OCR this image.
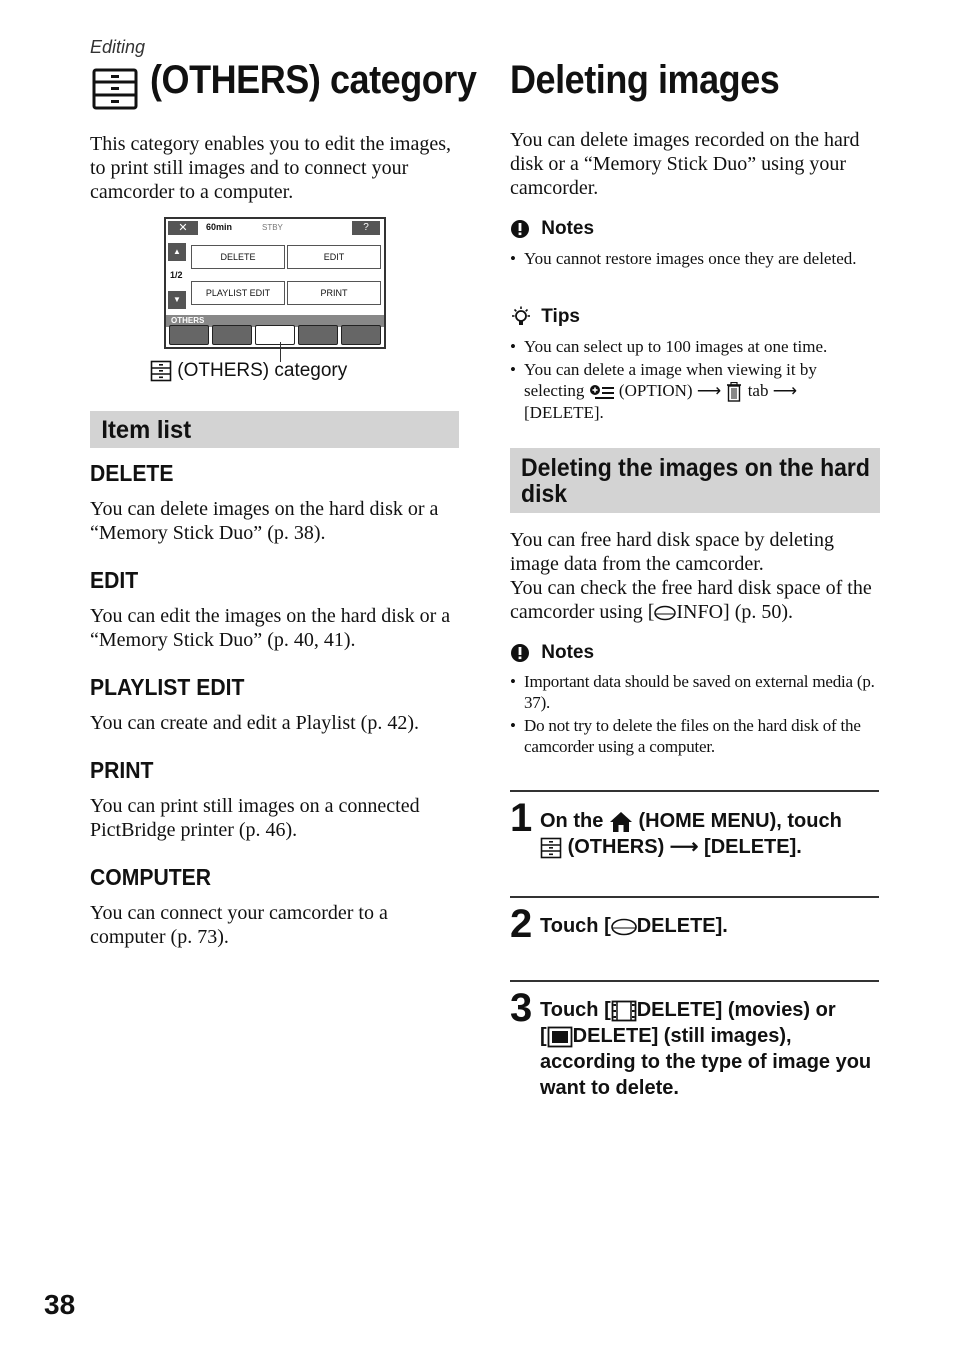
Editing
(OTHERS) category
This category enables you to edit the images, to print still images and to connect your camcorder to a computer.
✕	60min	STBY	?
▲
1/2
▼
DELETE	EDIT
PLAYLIST EDIT	PRINT
OTHERS
(OTHERS) category
Item list
DELETE
You can delete images on the hard disk or a “Memory Stick Duo” (p. 38).
EDIT
You can edit the images on the hard disk or a “Memory Stick Duo” (p. 40, 41).
PLAYLIST EDIT
You can create and edit a Playlist (p. 42).
PRINT
You can print still images on a connected PictBridge printer (p. 46).
COMPUTER
You can connect your camcorder to a computer (p. 73).
Deleting images
You can delete images recorded on the hard disk or a “Memory Stick Duo” using your camcorder.
Notes
• You cannot restore images once they are deleted.
Tips
• You can select up to 100 images at one time.
• You can delete a image when viewing it by selecting (OPTION) ⟶ tab ⟶ [DELETE].
Deleting the images on the hard disk
You can free hard disk space by deleting image data from the camcorder.
You can check the free hard disk space of the camcorder using [ INFO] (p. 50).
Notes
• Important data should be saved on external media (p. 37).
• Do not try to delete the files on the hard disk of the camcorder using a computer.
1 On the (HOME MENU), touch
(OTHERS) ⟶ [DELETE].
2 Touch [ DELETE].
3 Touch [ DELETE] (movies) or
[ DELETE] (still images), according to the type of image you want to delete.
38
